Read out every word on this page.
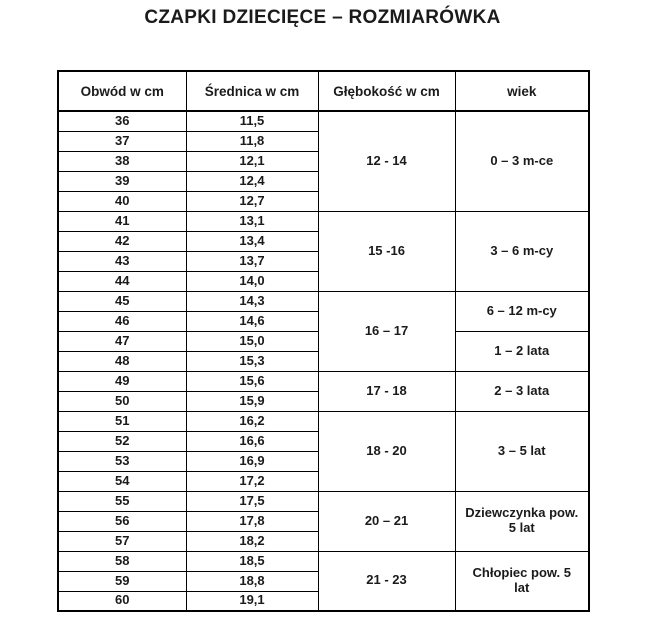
CZAPKI DZIECIĘCE – ROZMIARÓWKA
Obwód w cm	Średnica w cm	Głębokość w cm	wiek
36	11,5	12 - 14	0 – 3 m-ce
37	11,8		
38	12,1		
39	12,4		
40	12,7		
41	13,1	15 -16	3 – 6 m-cy
42	13,4		
43	13,7		
44	14,0		
45	14,3	16 – 17	6 – 12 m-cy
46	14,6		
47	15,0		1 – 2 lata
48	15,3		
49	15,6	17 - 18	2 – 3 lata
50	15,9		
51	16,2	18 - 20	3 – 5 lat
52	16,6		
53	16,9		
54	17,2		
55	17,5	20 – 21	Dziewczynka pow. 5 lat
56	17,8		
57	18,2		
58	18,5	21 - 23	Chłopiec pow. 5 lat
59	18,8		
60	19,1		
